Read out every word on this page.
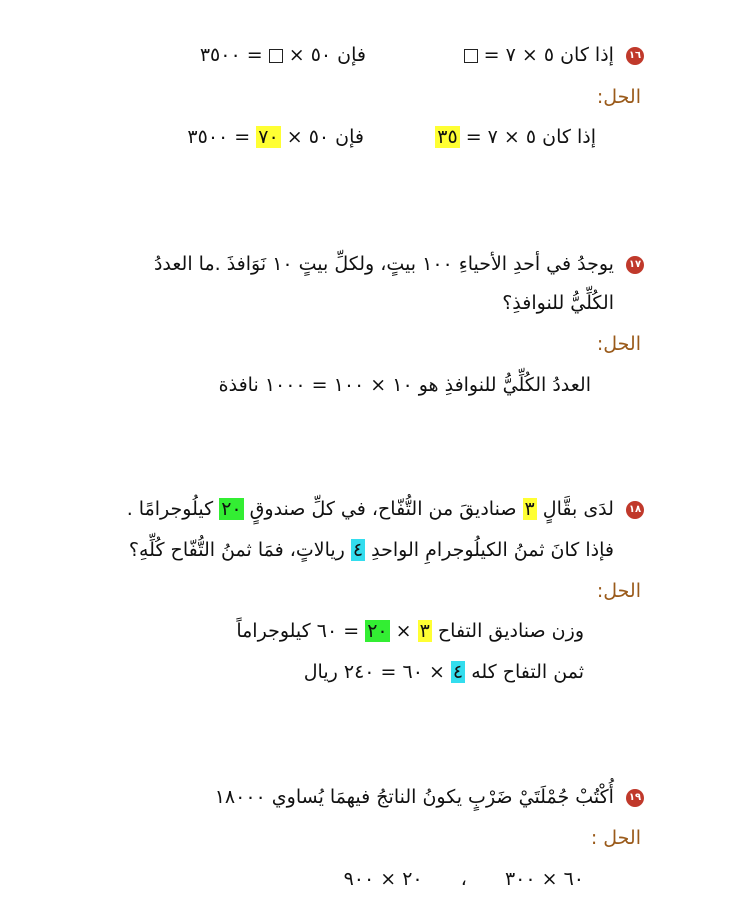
١٦ إذا كان ٥ × ٧ =
فإن ٥٠ ×  = ٣٥٠٠
الحل:
إذا كان ٥ × ٧ = ٣٥
فإن ٥٠ × ٧٠ = ٣٥٠٠
١٧ يوجدُ في أحدِ الأحياءِ ١٠٠ بيتٍ، ولكلِّ بيتٍ ١٠ نَوَافذَ .ما العددُ
الكُلِّيُّ للنوافذِ؟
الحل:
العددُ الكُلِّيُّ للنوافذِ هو ١٠ × ١٠٠ = ١٠٠٠ نافذة
١٨ لدَى بقَّالٍ ٣ صناديقَ من التُّفّاح، في كلِّ صندوقٍ ٢٠ كيلُوجرامًا .
فإذا كانَ ثمنُ الكيلُوجرامِ الواحدِ ٤ ريالاتٍ، فمَا ثمنُ التُّفّاح كُلِّهِ؟
الحل:
وزن صناديق التفاح ٣ × ٢٠ = ٦٠ كيلوجراماً
ثمن التفاح كله ٤ × ٦٠ = ٢٤٠ ريال
١٩ أُكْتُبْ جُمْلَتَيْ ضَرْبٍ يكونُ الناتجُ فيهمَا يُساوي ١٨٠٠٠
الحل :
٦٠ × ٣٠٠  ،  ٢٠ × ٩٠٠
